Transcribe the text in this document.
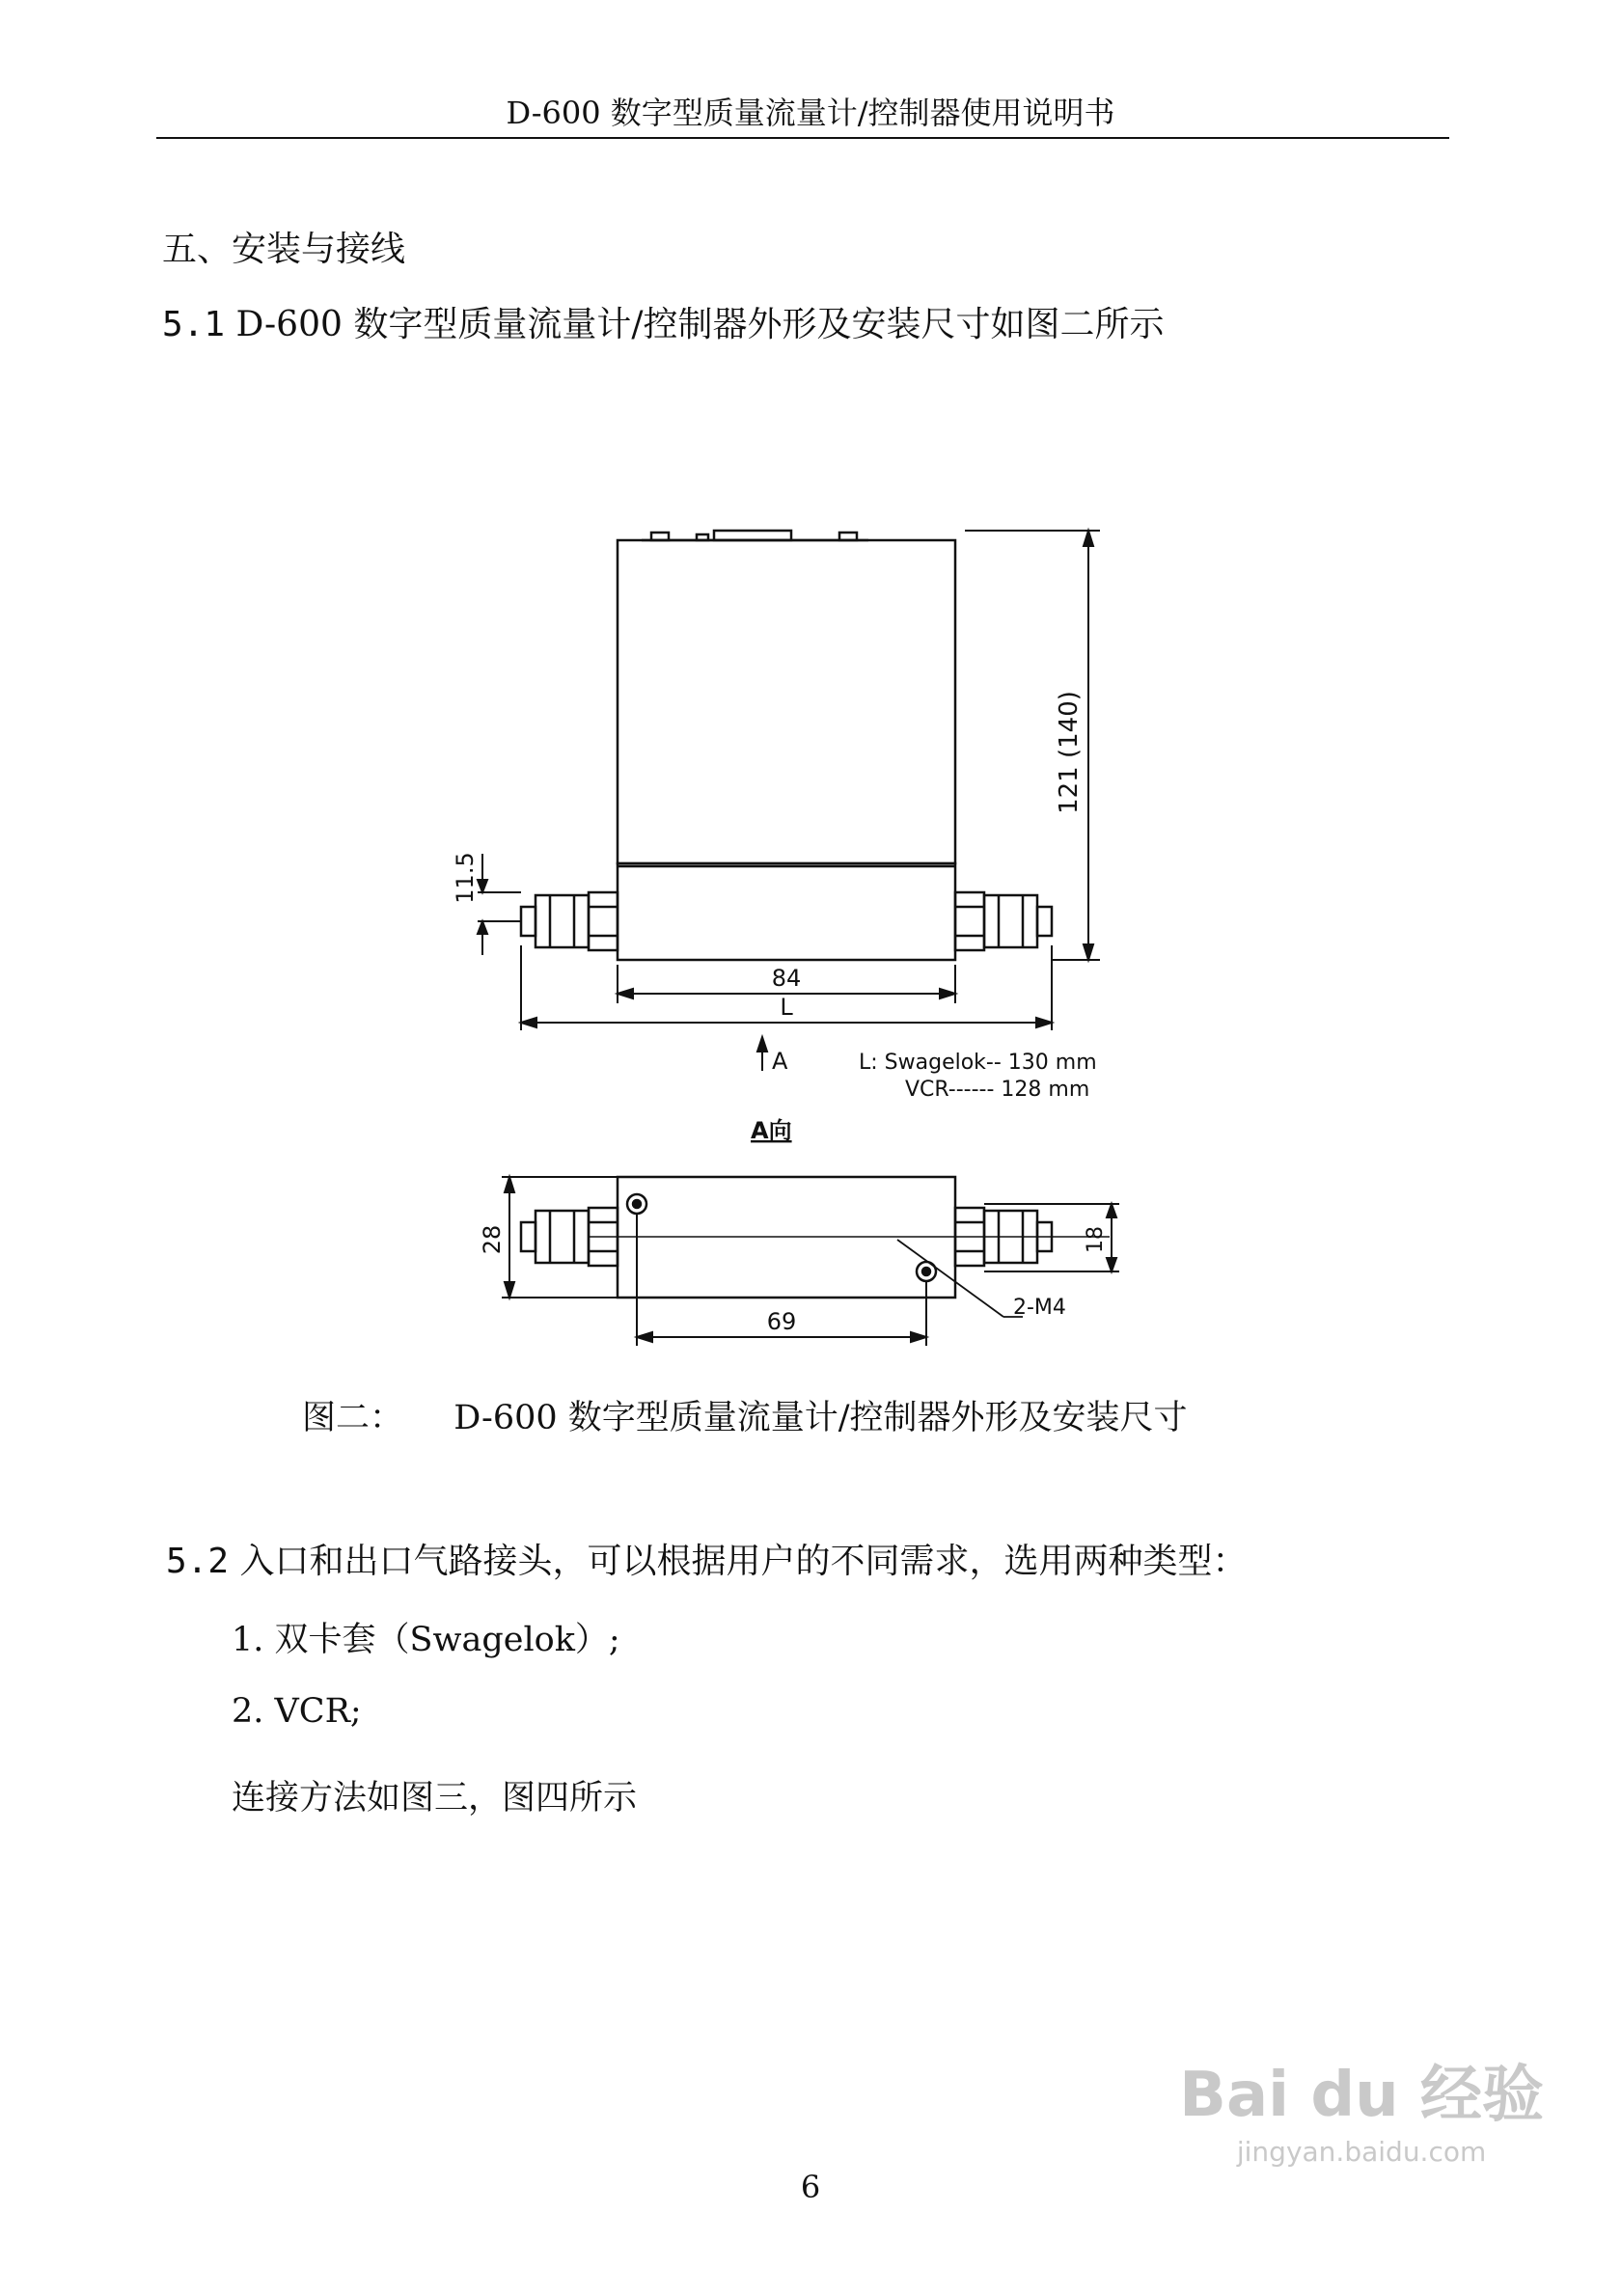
D-600 数字型质量流量计/控制器使用说明书
五、安装与接线
5.1 D-600 数字型质量流量计/控制器外形及安装尺寸如图二所示
121 (140)
11.5
84
L
A	L: Swagelok-- 130 mm
VCR------ 128 mm
A向
28	18
69
2-M4
图二： D-600 数字型质量流量计/控制器外形及安装尺寸
5.2 入口和出口气路接头，可以根据用户的不同需求，选用两种类型：
1. 双卡套（Swagelok）;
2. VCR;
连接方法如图三，图四所示
Bai du 经验
jingyan.baidu.com
6
